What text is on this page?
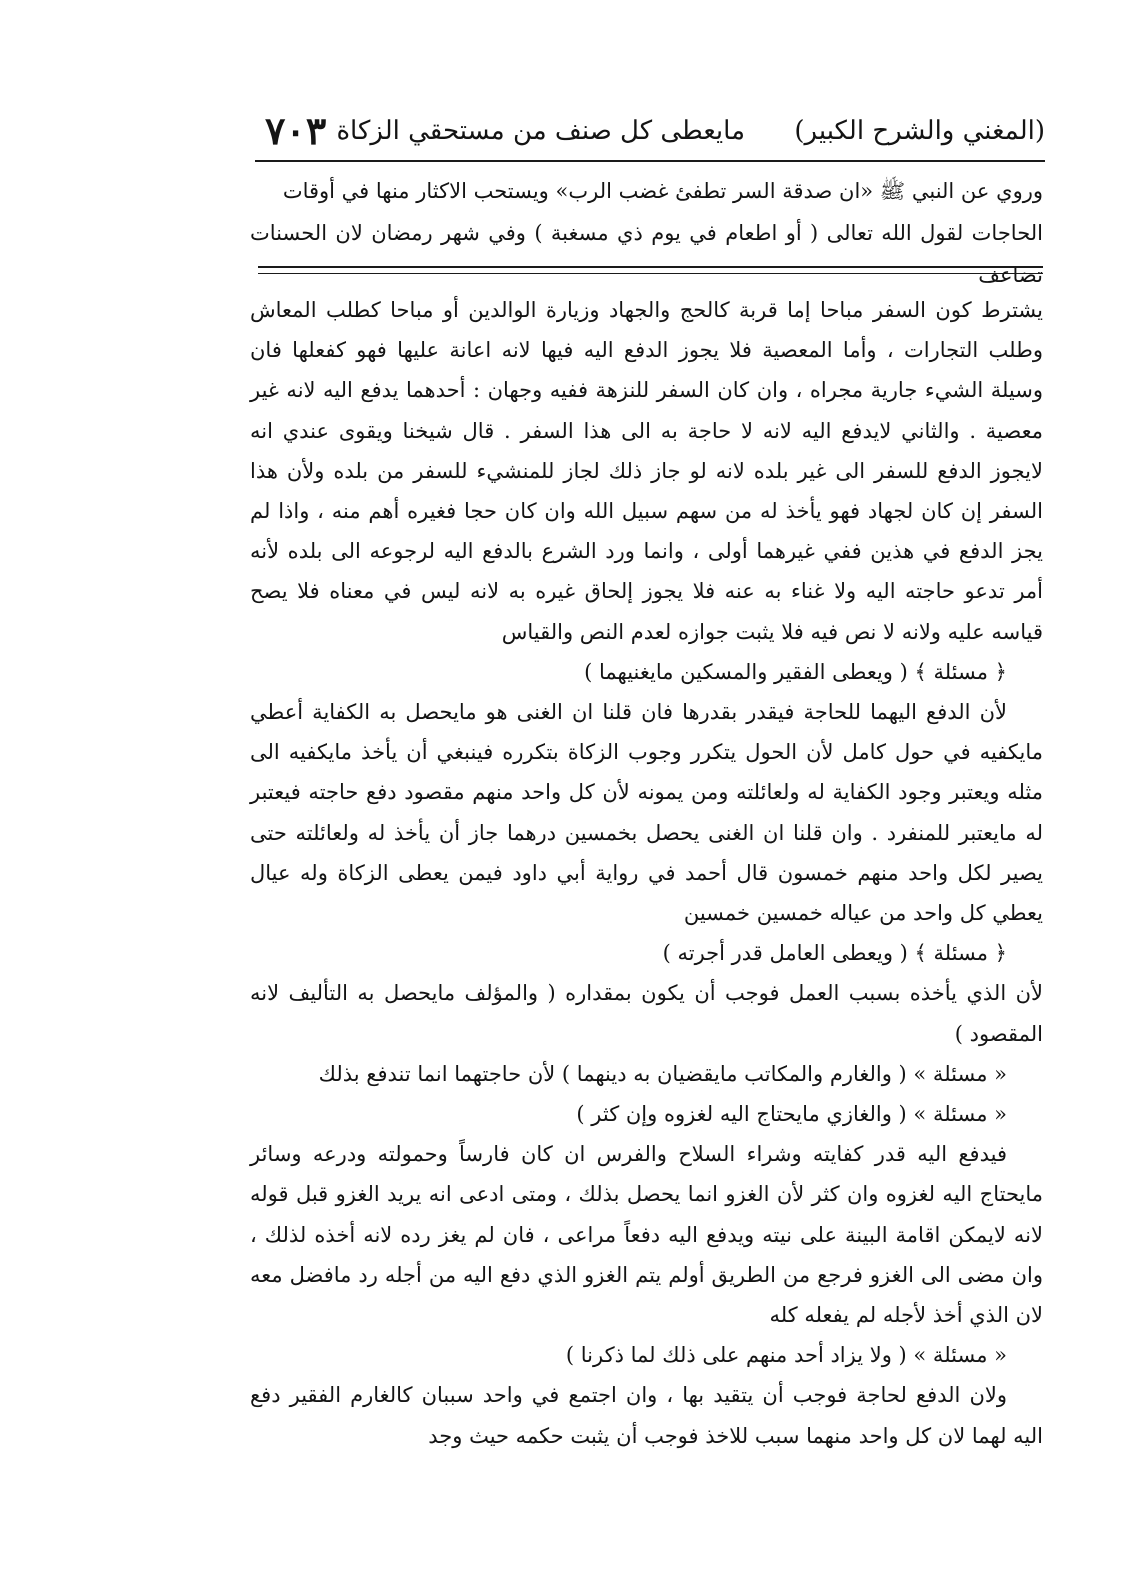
(المغني والشرح الكبير)
مايعطى كل صنف من مستحقي الزكاة
٧٠٣

وروي عن النبي ﷺ «ان صدقة السر تطفئ غضب الرب» ويستحب الاكثار منها في أوقات

الحاجات لقول الله تعالى ( أو اطعام في يوم ذي مسغبة ) وفي شهر رمضان لان الحسنات تضاعف

يشترط كون السفر مباحا إما قربة كالحج والجهاد وزيارة الوالدين أو مباحا كطلب المعاش وطلب التجارات ، وأما المعصية فلا يجوز الدفع اليه فيها لانه اعانة عليها فهو كفعلها فان وسيلة الشيء جارية مجراه ، وان كان السفر للنزهة ففيه وجهان : أحدهما يدفع اليه لانه غير معصية . والثاني لايدفع اليه لانه لا حاجة به الى هذا السفر . قال شيخنا ويقوى عندي انه لايجوز الدفع للسفر الى غير بلده لانه لو جاز ذلك لجاز للمنشيء للسفر من بلده ولأن هذا السفر إن كان لجهاد فهو يأخذ له من سهم سبيل الله وان كان حجا فغيره أهم منه ، واذا لم يجز الدفع في هذين ففي غيرهما أولى ، وانما ورد الشرع بالدفع اليه لرجوعه الى بلده لأنه أمر تدعو حاجته اليه ولا غناء به عنه فلا يجوز إلحاق غيره به لانه ليس في معناه فلا يصح قياسه عليه ولانه لا نص فيه فلا يثبت جوازه لعدم النص والقياس

﴿ مسئلة ﴾ ( ويعطى الفقير والمسكين مايغنيهما )

لأن الدفع اليهما للحاجة فيقدر بقدرها فان قلنا ان الغنى هو مايحصل به الكفاية أعطي مايكفيه في حول كامل لأن الحول يتكرر وجوب الزكاة بتكرره فينبغي أن يأخذ مايكفيه الى مثله ويعتبر وجود الكفاية له ولعائلته ومن يمونه لأن كل واحد منهم مقصود دفع حاجته فيعتبر له مايعتبر للمنفرد . وان قلنا ان الغنى يحصل بخمسين درهما جاز أن يأخذ له ولعائلته حتى يصير لكل واحد منهم خمسون قال أحمد في رواية أبي داود فيمن يعطى الزكاة وله عيال يعطي كل واحد من عياله خمسين خمسين

﴿ مسئلة ﴾ ( ويعطى العامل قدر أجرته )

لأن الذي يأخذه بسبب العمل فوجب أن يكون بمقداره ( والمؤلف مايحصل به التأليف لانه المقصود )

« مسئلة » ( والغارم والمكاتب مايقضيان به دينهما ) لأن حاجتهما انما تندفع بذلك

« مسئلة » ( والغازي مايحتاج اليه لغزوه وإن كثر )

فيدفع اليه قدر كفايته وشراء السلاح والفرس ان كان فارساً وحمولته ودرعه وسائر مايحتاج اليه لغزوه وان كثر لأن الغزو انما يحصل بذلك ، ومتى ادعى انه يريد الغزو قبل قوله لانه لايمكن اقامة البينة على نيته ويدفع اليه دفعاً مراعى ، فان لم يغز رده لانه أخذه لذلك ، وان مضى الى الغزو فرجع من الطريق أولم يتم الغزو الذي دفع اليه من أجله رد مافضل معه لان الذي أخذ لأجله لم يفعله كله

« مسئلة » ( ولا يزاد أحد منهم على ذلك لما ذكرنا )

ولان الدفع لحاجة فوجب أن يتقيد بها ، وان اجتمع في واحد سببان كالغارم الفقير دفع اليه لهما لان كل واحد منهما سبب للاخذ فوجب أن يثبت حكمه حيث وجد
